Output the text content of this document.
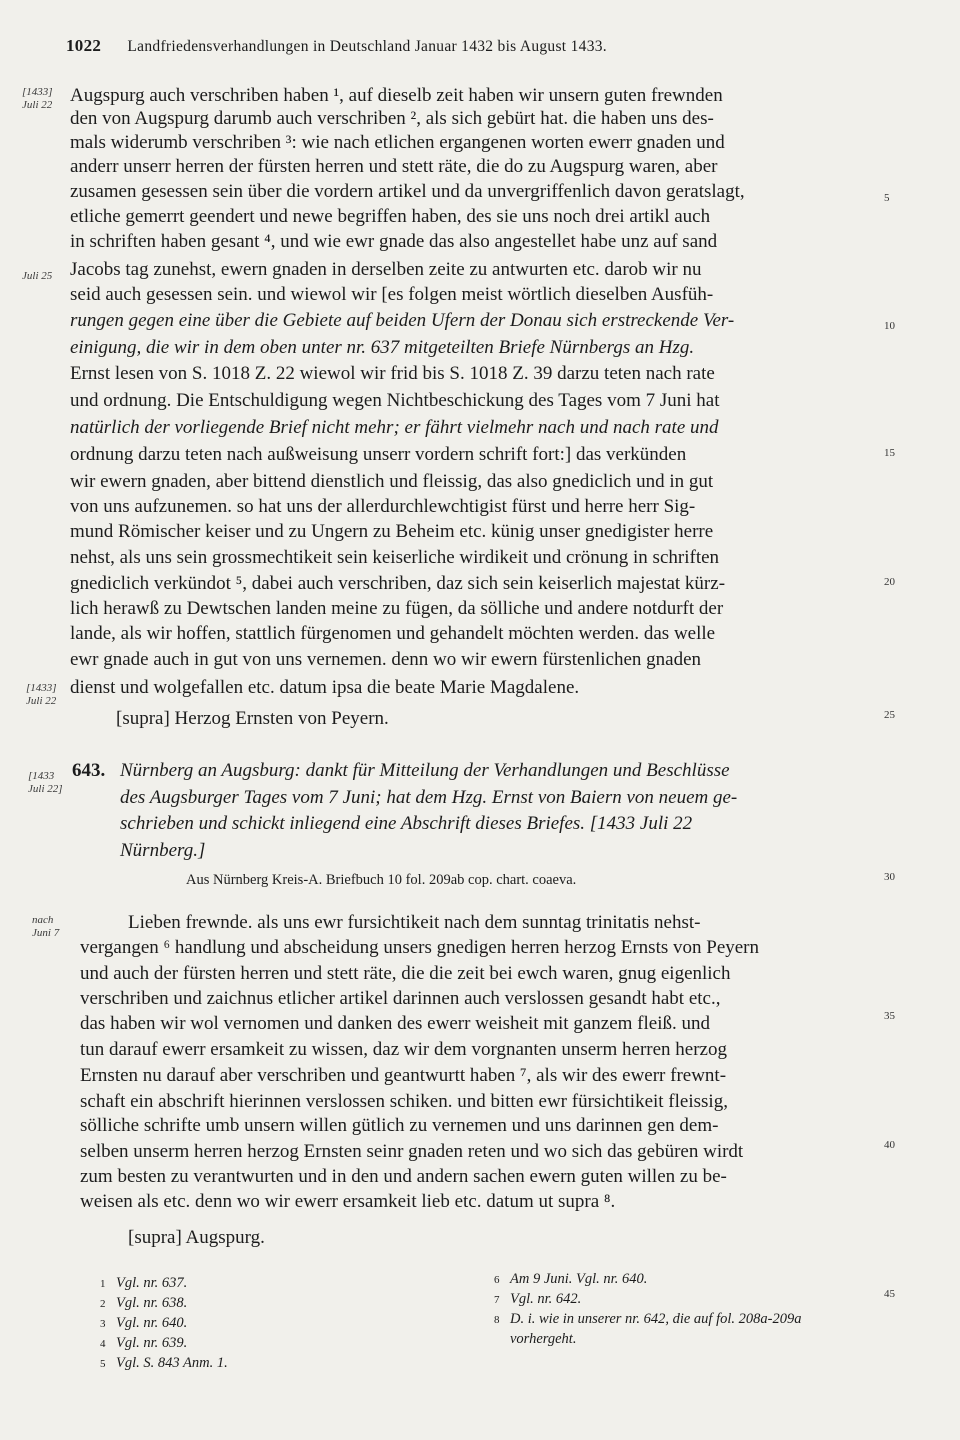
1022 Landfriedensverhandlungen in Deutschland Januar 1432 bis August 1433.
[1433]
Juli 22
Juli 25
[1433]
Juli 22
[1433
Juli 22]
nach
Juni 7
5
10
15
20
25
30
35
40
45
Augspurg auch verschriben haben ¹, auf dieselb zeit haben wir unsern guten frewnden
den von Augspurg darumb auch verschriben ², als sich gebürt hat. die haben uns des-
mals widerumb verschriben ³: wie nach etlichen ergangenen worten ewerr gnaden und
anderr unserr herren der fürsten herren und stett räte, die do zu Augspurg waren, aber
zusamen gesessen sein über die vordern artikel und da unvergriffenlich davon geratslagt,
etliche gemerrt geendert und newe begriffen haben, des sie uns noch drei artikl auch
in schriften haben gesant ⁴, und wie ewr gnade das also angestellet habe unz auf sand
Jacobs tag zunehst, ewern gnaden in derselben zeite zu antwurten etc. darob wir nu
seid auch gesessen sein. und wiewol wir [es folgen meist wörtlich dieselben Ausfüh-
rungen gegen eine über die Gebiete auf beiden Ufern der Donau sich erstreckende Ver-
einigung, die wir in dem oben unter nr. 637 mitgeteilten Briefe Nürnbergs an Hzg.
Ernst lesen von S. 1018 Z. 22 wiewol wir frid bis S. 1018 Z. 39 darzu teten nach rate
und ordnung. Die Entschuldigung wegen Nichtbeschickung des Tages vom 7 Juni hat
natürlich der vorliegende Brief nicht mehr; er fährt vielmehr nach und nach rate und
ordnung darzu teten nach außweisung unserr vordern schrift fort:] das verkünden
wir ewern gnaden, aber bittend dienstlich und fleissig, das also gnediclich und in gut
von uns aufzunemen. so hat uns der allerdurchlewchtigist fürst und herre herr Sig-
mund Römischer keiser und zu Ungern zu Beheim etc. künig unser gnedigister herre
nehst, als uns sein grossmechtikeit sein keiserliche wirdikeit und crönung in schriften
gnediclich verkündot ⁵, dabei auch verschriben, daz sich sein keiserlich majestat kürz-
lich herawß zu Dewtschen landen meine zu fügen, da sölliche und andere notdurft der
lande, als wir hoffen, stattlich fürgenomen und gehandelt möchten werden. das welle
ewr gnade auch in gut von uns vernemen. denn wo wir ewern fürstenlichen gnaden
dienst und wolgefallen etc. datum ipsa die beate Marie Magdalene.
[supra] Herzog Ernsten von Peyern.
643. Nürnberg an Augsburg: dankt für Mitteilung der Verhandlungen und Beschlüsse
des Augsburger Tages vom 7 Juni; hat dem Hzg. Ernst von Baiern von neuem ge-
schrieben und schickt inliegend eine Abschrift dieses Briefes. [1433 Juli 22
Nürnberg.]
Aus Nürnberg Kreis-A. Briefbuch 10 fol. 209ab cop. chart. coaeva.
Lieben frewnde. als uns ewr fursichtikeit nach dem sunntag trinitatis nehst-
vergangen ⁶ handlung und abscheidung unsers gnedigen herren herzog Ernsts von Peyern
und auch der fürsten herren und stett räte, die die zeit bei ewch waren, gnug eigenlich
verschriben und zaichnus etlicher artikel darinnen auch verslossen gesandt habt etc.,
das haben wir wol vernomen und danken des ewerr weisheit mit ganzem fleiß. und
tun darauf ewerr ersamkeit zu wissen, daz wir dem vorgnanten unserm herren herzog
Ernsten nu darauf aber verschriben und geantwurtt haben ⁷, als wir des ewerr frewnt-
schaft ein abschrift hierinnen verslossen schiken. und bitten ewr fürsichtikeit fleissig,
sölliche schrifte umb unsern willen gütlich zu vernemen und uns darinnen gen dem-
selben unserm herren herzog Ernsten seinr gnaden reten und wo sich das gebüren wirdt
zum besten zu verantwurten und in den und andern sachen ewern guten willen zu be-
weisen als etc. denn wo wir ewerr ersamkeit lieb etc. datum ut supra ⁸.
[supra] Augspurg.
1 Vgl. nr. 637.
2 Vgl. nr. 638.
3 Vgl. nr. 640.
4 Vgl. nr. 639.
5 Vgl. S. 843 Anm. 1.
6 Am 9 Juni. Vgl. nr. 640.
7 Vgl. nr. 642.
8 D. i. wie in unserer nr. 642, die auf fol. 208a-209a
vorhergeht.
